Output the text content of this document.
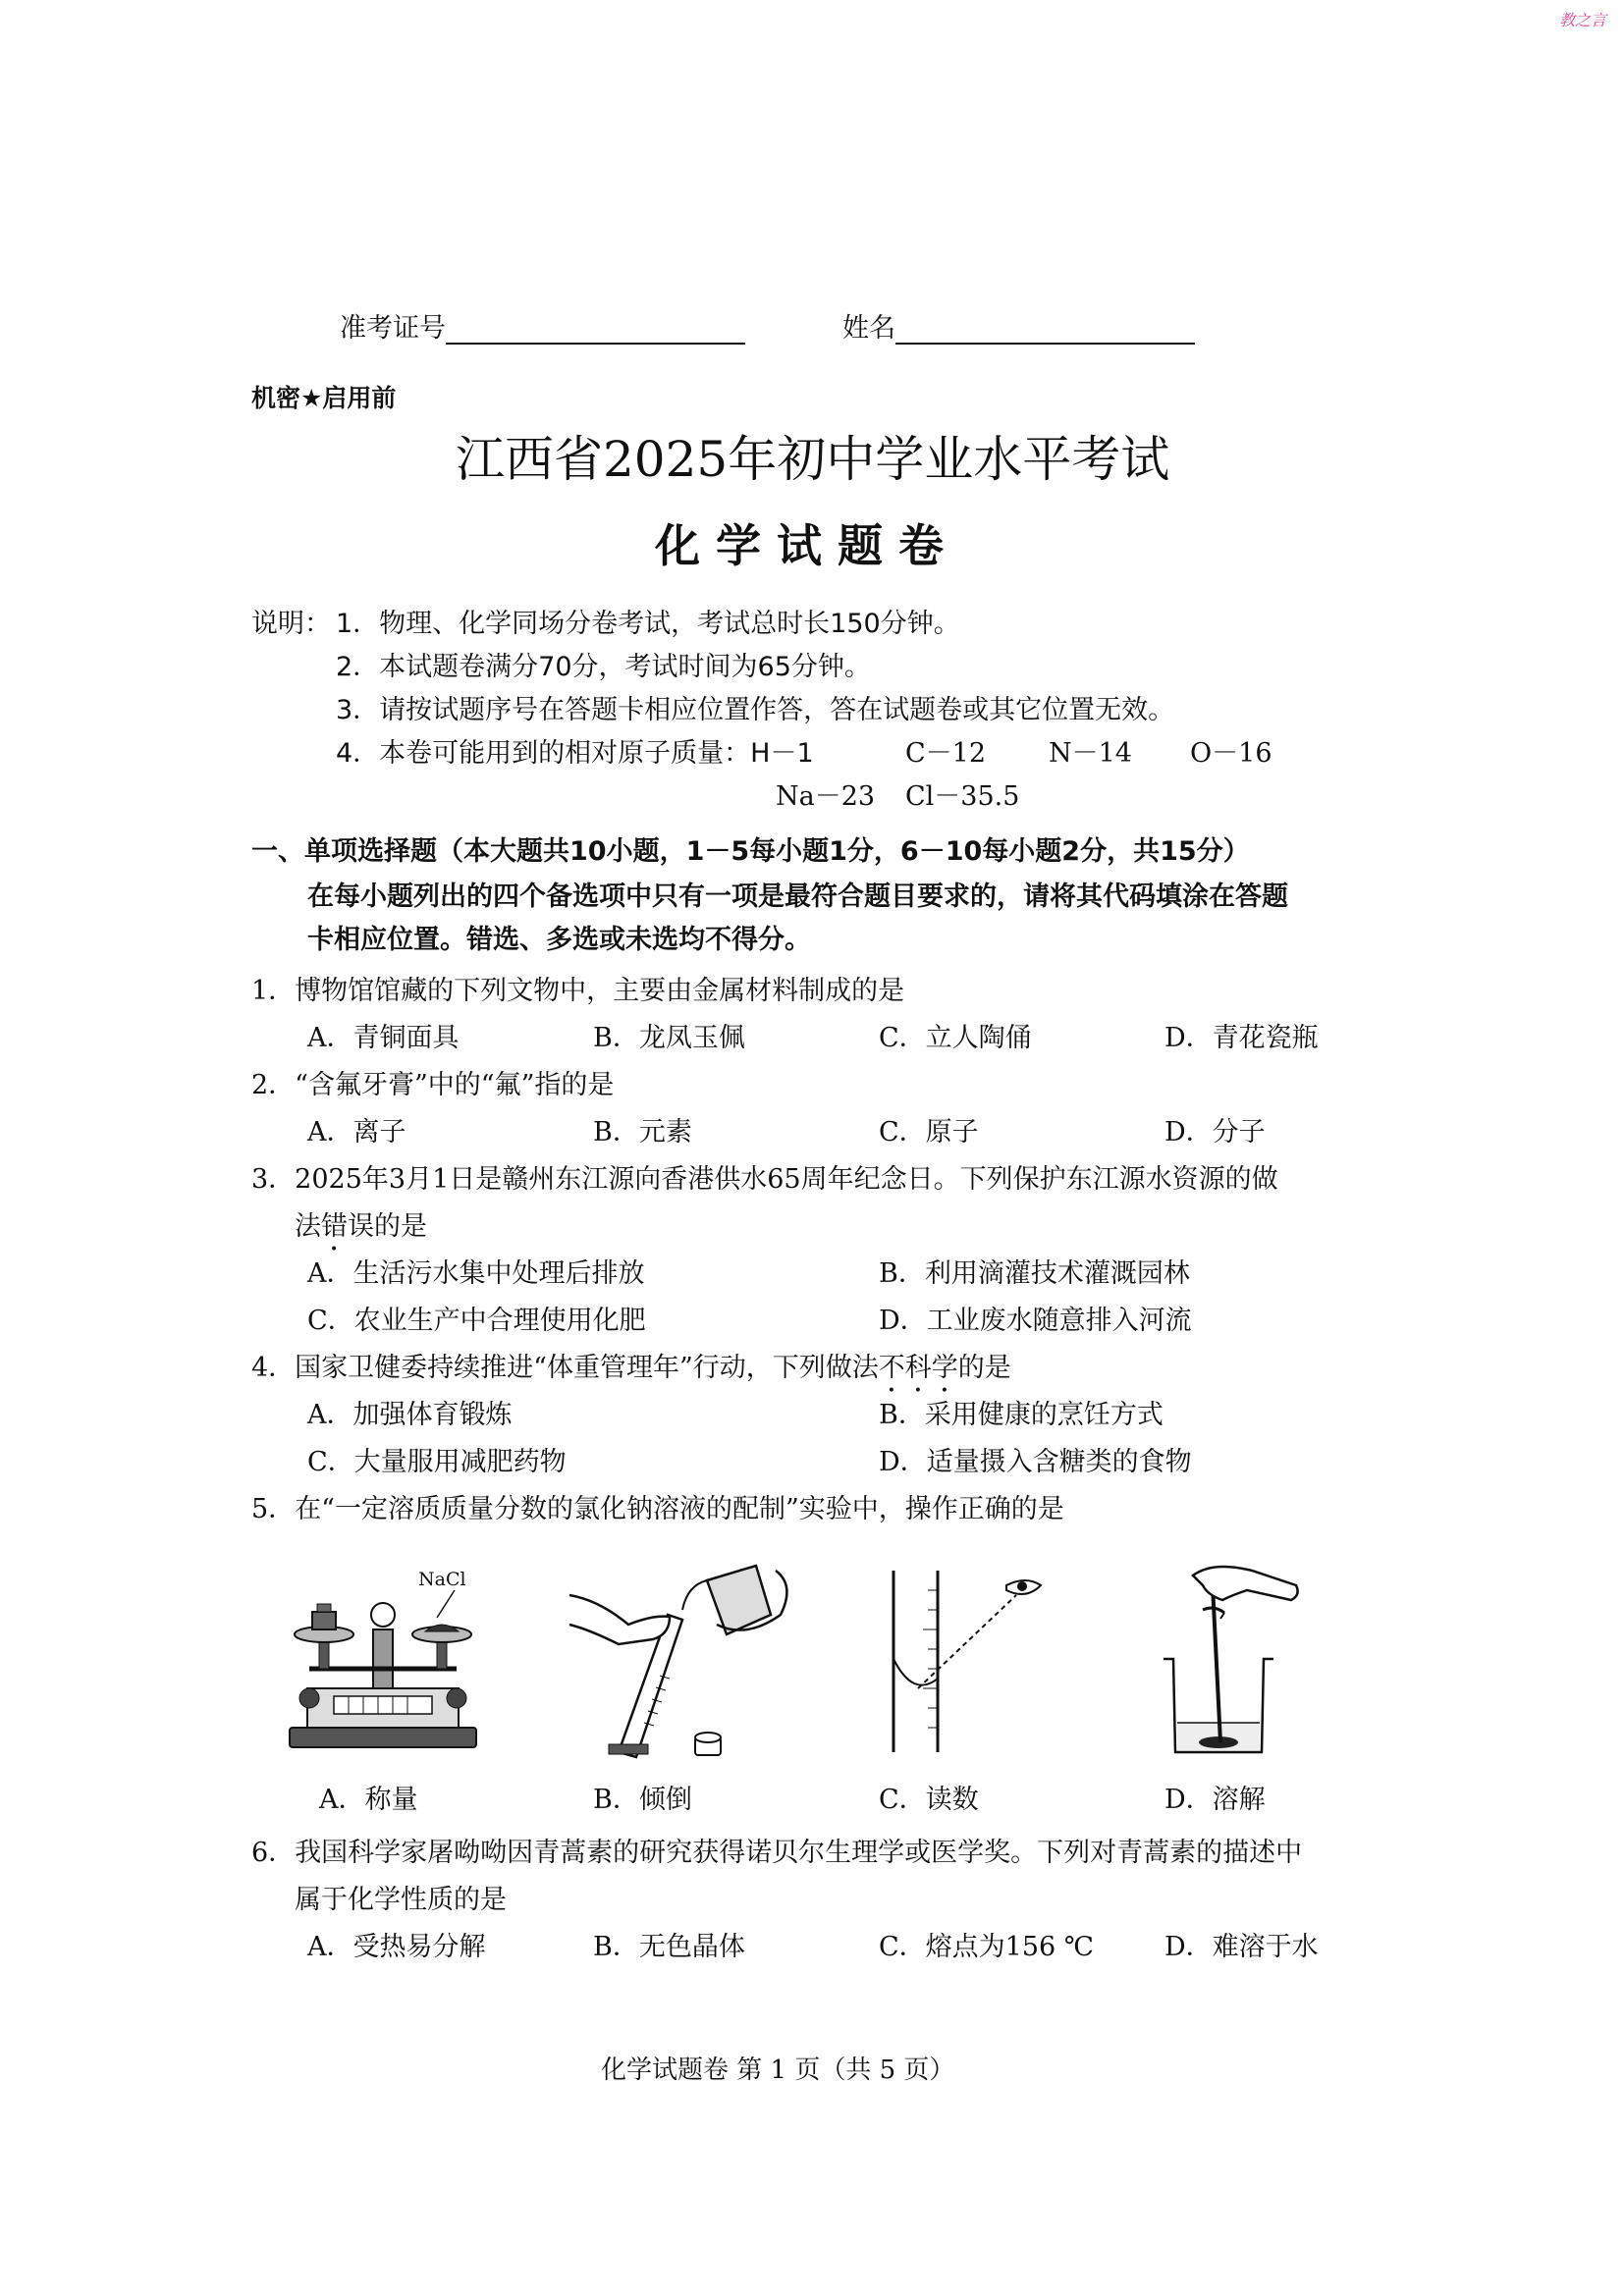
教之言
准考证号	姓名
机密★启用前
江西省2025年初中学业水平考试
化 学 试 题 卷
说明： 1．物理、化学同场分卷考试，考试总时长150分钟。
2．本试题卷满分70分，考试时间为65分钟。
3．请按试题序号在答题卡相应位置作答，答在试题卷或其它位置无效。
4．本卷可能用到的相对原子质量：H－1	C－12 N－14 O－16
Na－23 Cl－35.5
一、单项选择题（本大题共10小题，1－5每小题1分，6－10每小题2分，共15分）
在每小题列出的四个备选项中只有一项是最符合题目要求的，请将其代码填涂在答题
卡相应位置。错选、多选或未选均不得分。
1．博物馆馆藏的下列文物中，主要由金属材料制成的是
A．青铜面具	B．龙凤玉佩	C．立人陶俑	D．青花瓷瓶
2．“含氟牙膏”中的“氟”指的是
A．离子	B．元素	C．原子	D．分子
3．2025年3月1日是赣州东江源向香港供水65周年纪念日。下列保护东江源水资源的做
法错误的是
A．生活污水集中处理后排放	B．利用滴灌技术灌溉园林
C．农业生产中合理使用化肥	D．工业废水随意排入河流
4．国家卫健委持续推进“体重管理年”行动，下列做法不科学的是
A．加强体育锻炼	B．采用健康的烹饪方式
C．大量服用减肥药物	D．适量摄入含糖类的食物
5．在“一定溶质质量分数的氯化钠溶液的配制”实验中，操作正确的是
NaCl
A．称量	B．倾倒	C．读数	D．溶解
6．我国科学家屠呦呦因青蒿素的研究获得诺贝尔生理学或医学奖。下列对青蒿素的描述中
属于化学性质的是
A．受热易分解	B．无色晶体	C．熔点为156 ℃	D．难溶于水
化学试题卷 第 1 页（共 5 页）
